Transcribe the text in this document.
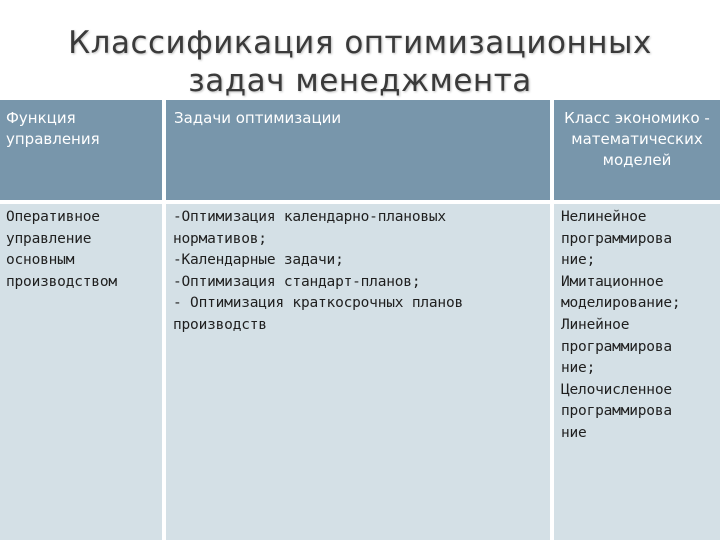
Классификация оптимизационных
задач менеджмента
Функция управления
Задачи оптимизации	Класс экономико - математических моделей
Оперативное
управление
основным
производством
-Оптимизация календарно-плановых
нормативов;
-Календарные задачи;
-Оптимизация стандарт-планов;
- Оптимизация краткосрочных планов
производств
Нелинейное
программирова
ние;
Имитационное
моделирование;
Линейное
программирова
ние;
Целочисленное
программирова
ние
